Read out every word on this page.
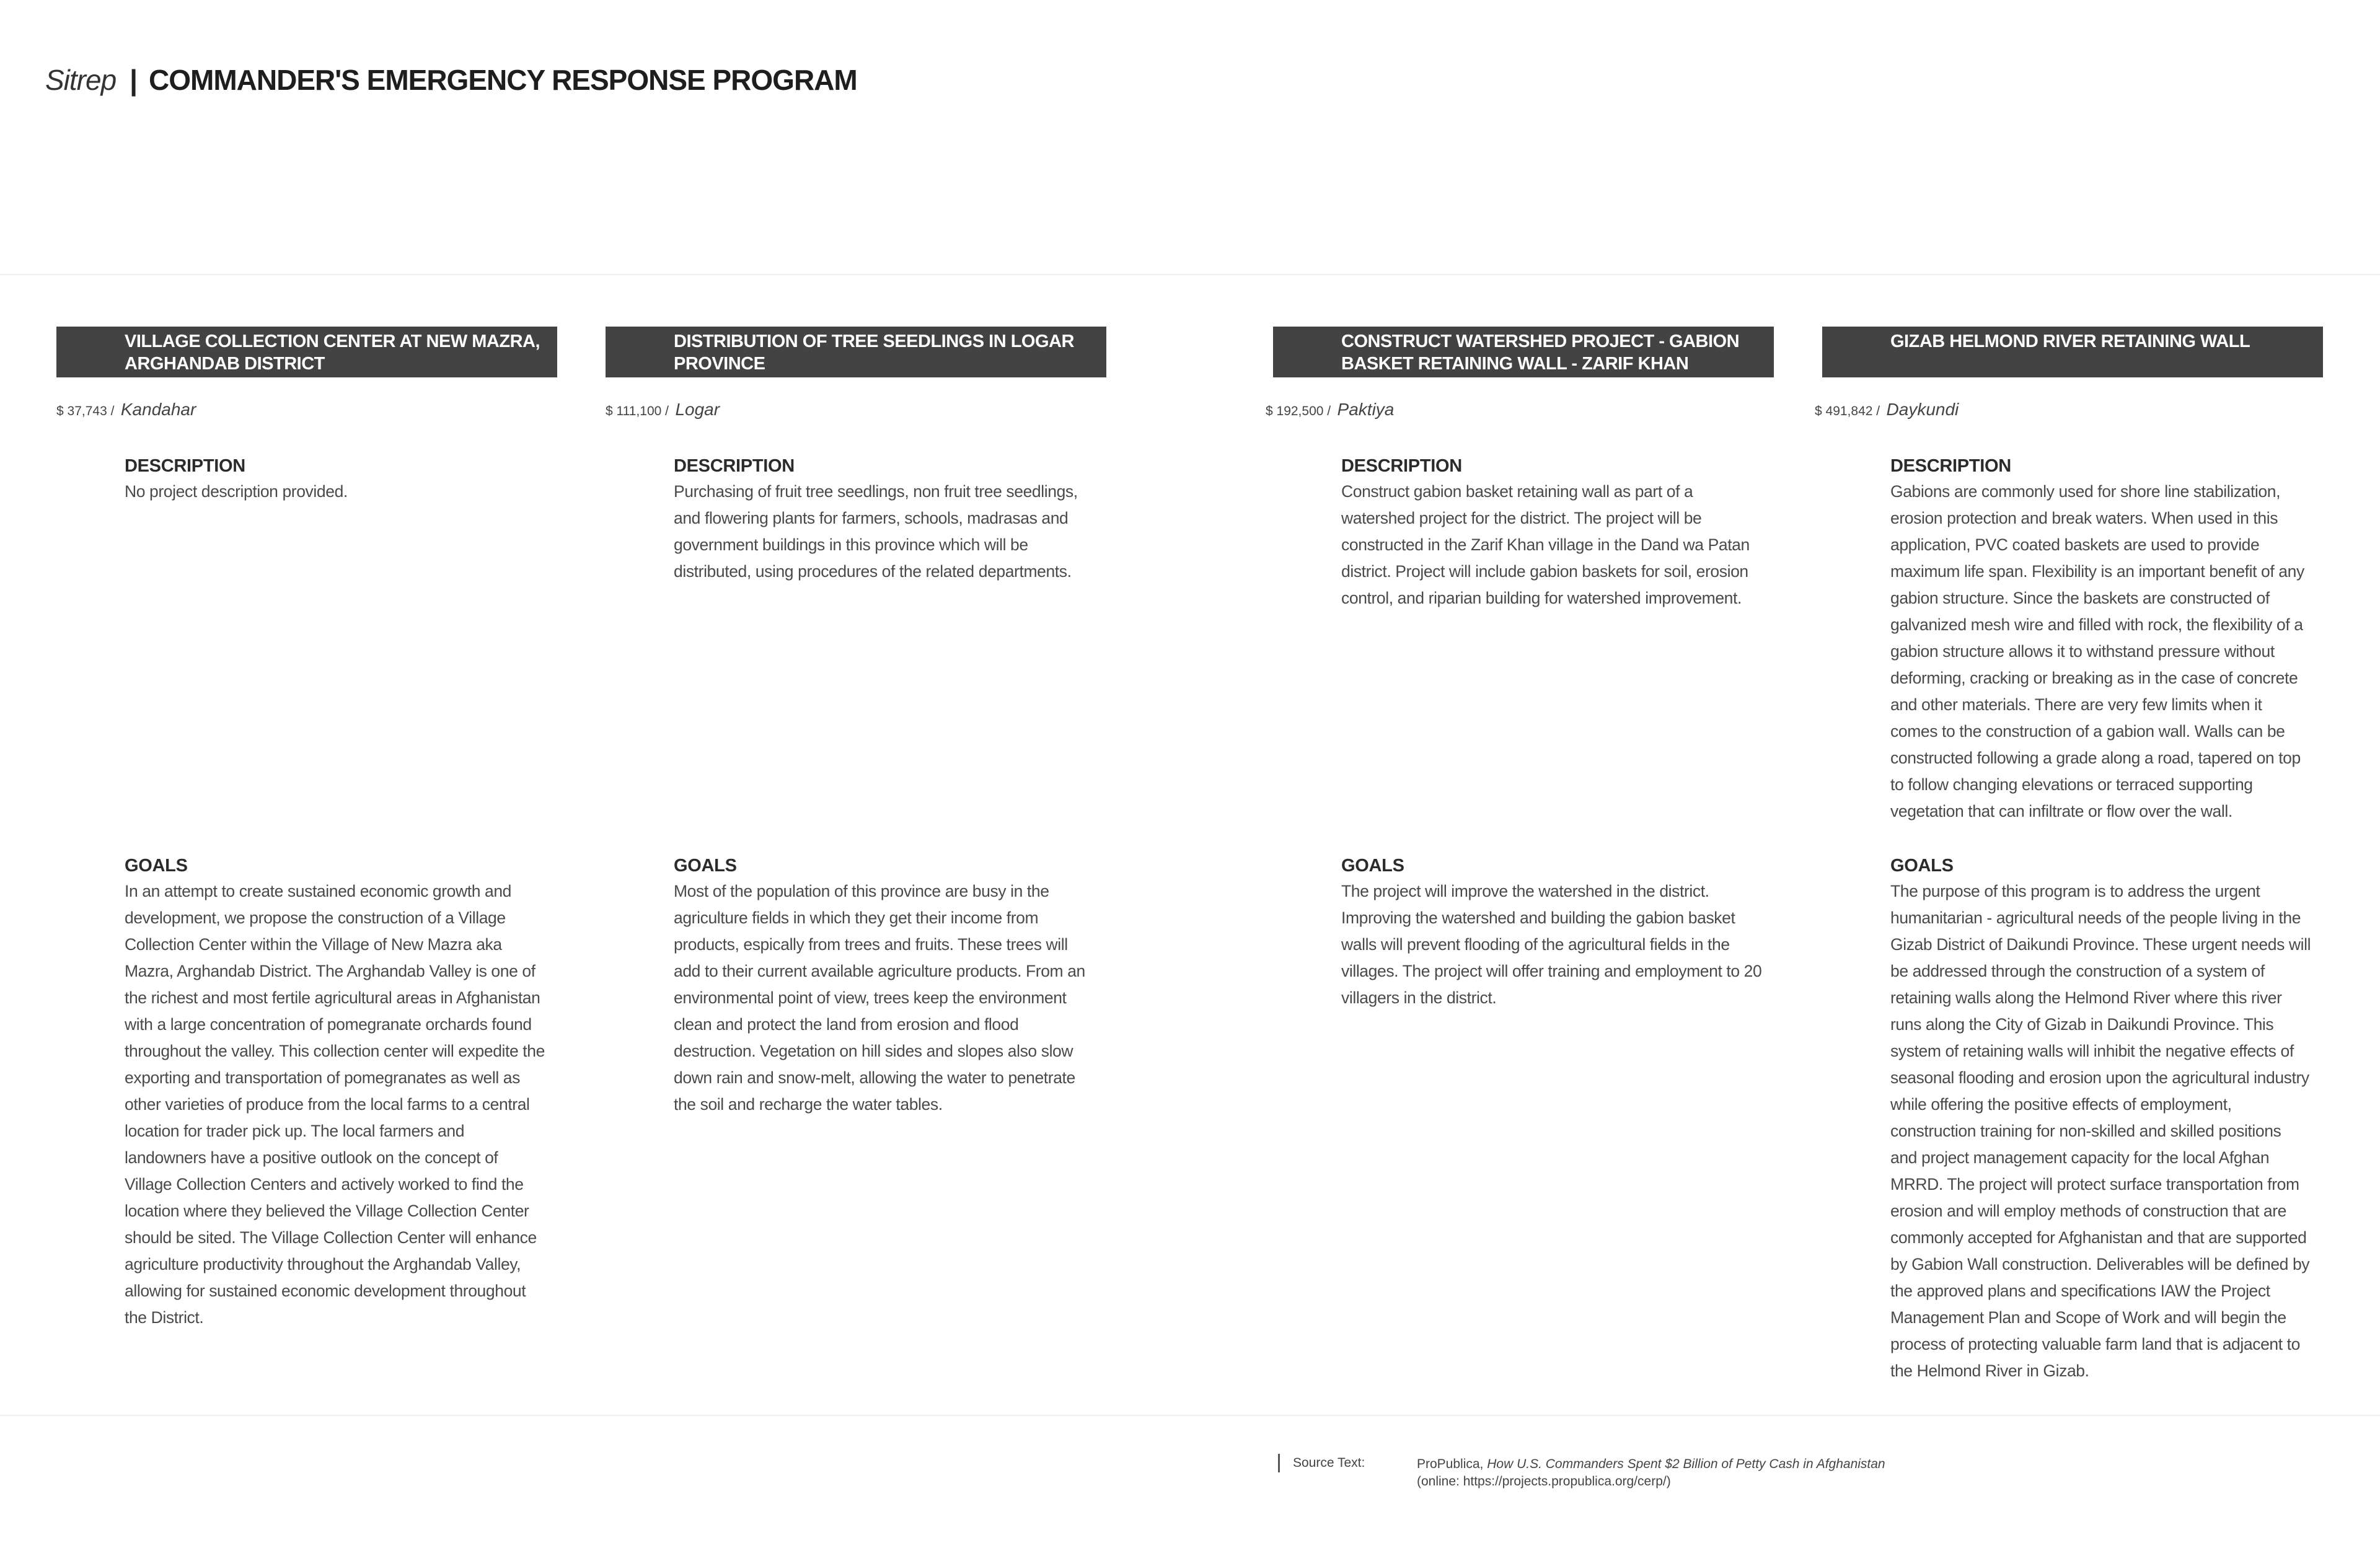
Sitrep | COMMANDER'S EMERGENCY RESPONSE PROGRAM
VILLAGE COLLECTION CENTER AT NEW MAZRA, ARGHANDAB DISTRICT
$ 37,743 / Kandahar
DESCRIPTION

No project description provided.

GOALS

In an attempt to create sustained economic growth and development, we propose the construction of a Village Collection Center within the Village of New Mazra aka Mazra, Arghandab District. The Arghandab Valley is one of the richest and most fertile agricultural areas in Afghanistan with a large concentration of pomegranate orchards found throughout the valley. This collection center will expedite the exporting and transportation of pomegranates as well as other varieties of produce from the local farms to a central location for trader pick up. The local farmers and landowners have a positive outlook on the concept of Village Collection Centers and actively worked to find the location where they believed the Village Collection Center should be sited. The Village Collection Center will enhance agriculture productivity throughout the Arghandab Valley, allowing for sustained economic development throughout the District.

DISTRIBUTION OF TREE SEEDLINGS IN LOGAR PROVINCE
$ 111,100 / Logar
DESCRIPTION

Purchasing of fruit tree seedlings, non fruit tree seedlings, and flowering plants for farmers, schools, madrasas and government buildings in this province which will be distributed, using procedures of the related departments.

GOALS

Most of the population of this province are busy in the agriculture fields in which they get their income from products, espically from trees and fruits. These trees will add to their current available agriculture products. From an environmental point of view, trees keep the environment clean and protect the land from erosion and flood destruction. Vegetation on hill sides and slopes also slow down rain and snow-melt, allowing the water to penetrate the soil and recharge the water tables.

CONSTRUCT WATERSHED PROJECT - GABION BASKET RETAINING WALL - ZARIF KHAN VILLAGE
$ 192,500 / Paktiya
DESCRIPTION

Construct gabion basket retaining wall as part of a watershed project for the district. The project will be constructed in the Zarif Khan village in the Dand wa Patan district. Project will include gabion baskets for soil, erosion control, and riparian building for watershed improvement.

GOALS

The project will improve the watershed in the district. Improving the watershed and building the gabion basket walls will prevent flooding of the agricultural fields in the villages. The project will offer training and employment to 20 villagers in the district.

GIZAB HELMOND RIVER RETAINING WALL
$ 491,842 / Daykundi
DESCRIPTION

Gabions are commonly used for shore line stabilization, erosion protection and break waters. When used in this application, PVC coated baskets are used to provide maximum life span. Flexibility is an important benefit of any gabion structure. Since the baskets are constructed of galvanized mesh wire and filled with rock, the flexibility of a gabion structure allows it to withstand pressure without deforming, cracking or breaking as in the case of concrete and other materials. There are very few limits when it comes to the construction of a gabion wall. Walls can be constructed following a grade along a road, tapered on top to follow changing elevations or terraced supporting vegetation that can infiltrate or flow over the wall.

GOALS

The purpose of this program is to address the urgent humanitarian - agricultural needs of the people living in the Gizab District of Daikundi Province. These urgent needs will be addressed through the construction of a system of retaining walls along the Helmond River where this river runs along the City of Gizab in Daikundi Province. This system of retaining walls will inhibit the negative effects of seasonal flooding and erosion upon the agricultural industry while offering the positive effects of employment, construction training for non-skilled and skilled positions and project management capacity for the local Afghan MRRD. The project will protect surface transportation from erosion and will employ methods of construction that are commonly accepted for Afghanistan and that are supported by Gabion Wall construction. Deliverables will be defined by the approved plans and specifications IAW the Project Management Plan and Scope of Work and will begin the process of protecting valuable farm land that is adjacent to the Helmond River in Gizab.

Source Text:	ProPublica, How U.S. Commanders Spent $2 Billion of Petty Cash in Afghanistan
(online: https://projects.propublica.org/cerp/)
